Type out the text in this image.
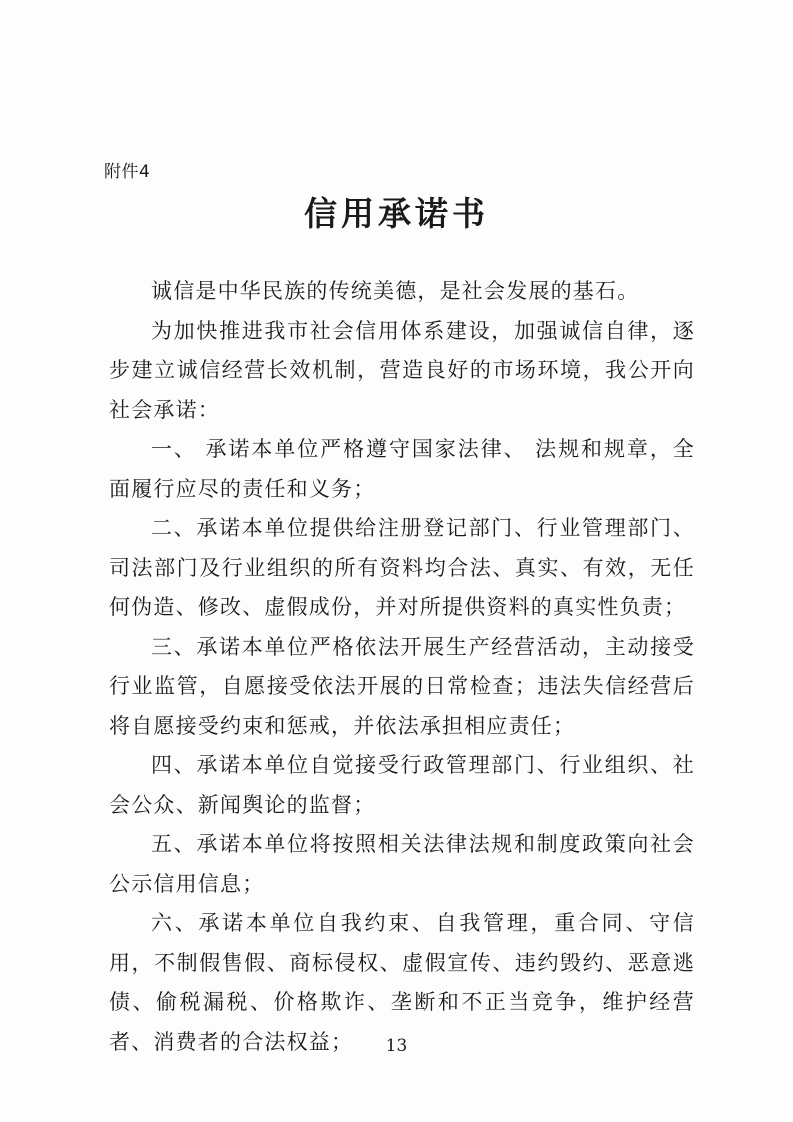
附件4
信用承诺书

诚信是中华民族的传统美德，是社会发展的基石。

为加快推进我市社会信用体系建设，加强诚信自律，逐步建立诚信经营长效机制，营造良好的市场环境，我公开向社会承诺：

一、 承诺本单位严格遵守国家法律、 法规和规章，全面履行应尽的责任和义务；

二、承诺本单位提供给注册登记部门、行业管理部门、司法部门及行业组织的所有资料均合法、真实、有效，无任何伪造、修改、虚假成份，并对所提供资料的真实性负责；

三、承诺本单位严格依法开展生产经营活动，主动接受行业监管，自愿接受依法开展的日常检查；违法失信经营后将自愿接受约束和惩戒，并依法承担相应责任；

四、承诺本单位自觉接受行政管理部门、行业组织、社会公众、新闻舆论的监督；

五、承诺本单位将按照相关法律法规和制度政策向社会公示信用信息；

六、承诺本单位自我约束、自我管理，重合同、守信用，不制假售假、商标侵权、虚假宣传、违约毁约、恶意逃债、偷税漏税、价格欺诈、垄断和不正当竞争，维护经营者、消费者的合法权益；	13
